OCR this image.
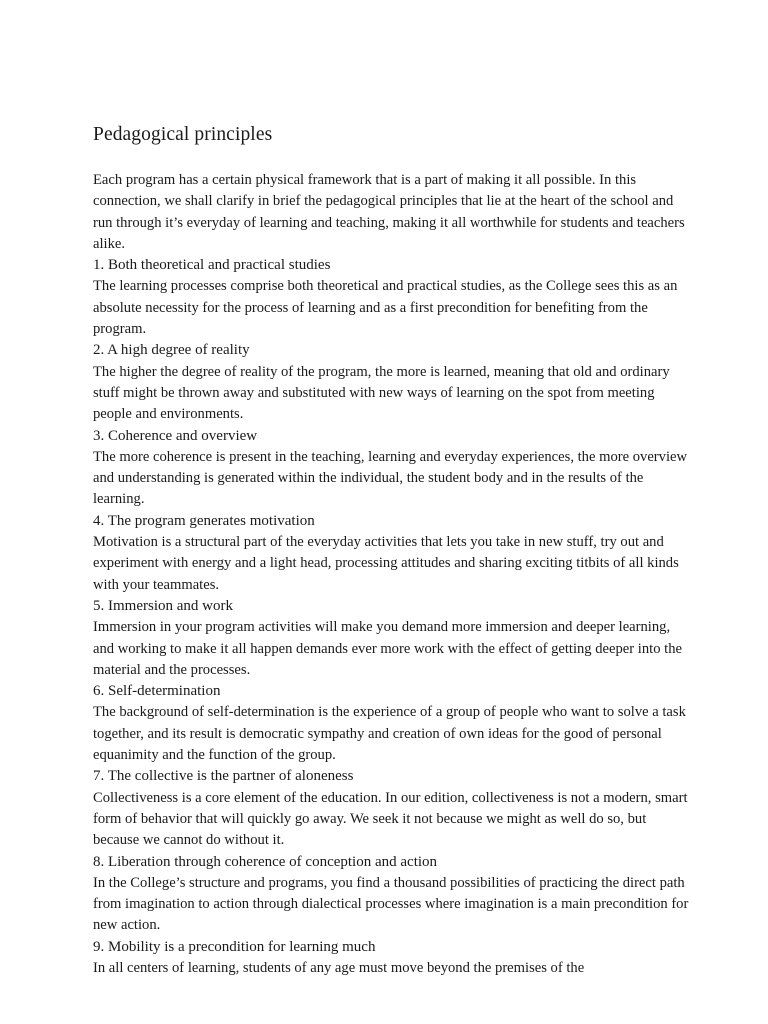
Pedagogical principles

Each program has a certain physical framework that is a part of making it all possible. In this connection, we shall clarify in brief the pedagogical principles that lie at the heart of the school and run through it’s everyday of learning and teaching, making it all worthwhile for students and teachers alike.

1. Both theoretical and practical studies

The learning processes comprise both theoretical and practical studies, as the College sees this as an absolute necessity for the process of learning and as a first precondition for benefiting from the program.

2. A high degree of reality

The higher the degree of reality of the program, the more is learned, meaning that old and ordinary stuff might be thrown away and substituted with new ways of learning on the spot from meeting people and environments.

3. Coherence and overview

The more coherence is present in the teaching, learning and everyday experiences, the more overview and understanding is generated within the individual, the student body and in the results of the learning.

4. The program generates motivation

Motivation is a structural part of the everyday activities that lets you take in new stuff, try out and experiment with energy and a light head, processing attitudes and sharing exciting titbits of all kinds with your teammates.

5. Immersion and work

Immersion in your program activities will make you demand more immersion and deeper learning, and working to make it all happen demands ever more work with the effect of getting deeper into the material and the processes.

6. Self-determination

The background of self-determination is the experience of a group of people who want to solve a task together, and its result is democratic sympathy and creation of own ideas for the good of personal equanimity and the function of the group.

7. The collective is the partner of aloneness

Collectiveness is a core element of the education. In our edition, collectiveness is not a modern, smart form of behavior that will quickly go away. We seek it not because we might as well do so, but because we cannot do without it.

8. Liberation through coherence of conception and action

In the College’s structure and programs, you find a thousand possibilities of practicing the direct path from imagination to action through dialectical processes where imagination is a main precondition for new action.

9. Mobility is a precondition for learning much

In all centers of learning, students of any age must move beyond the premises of the
